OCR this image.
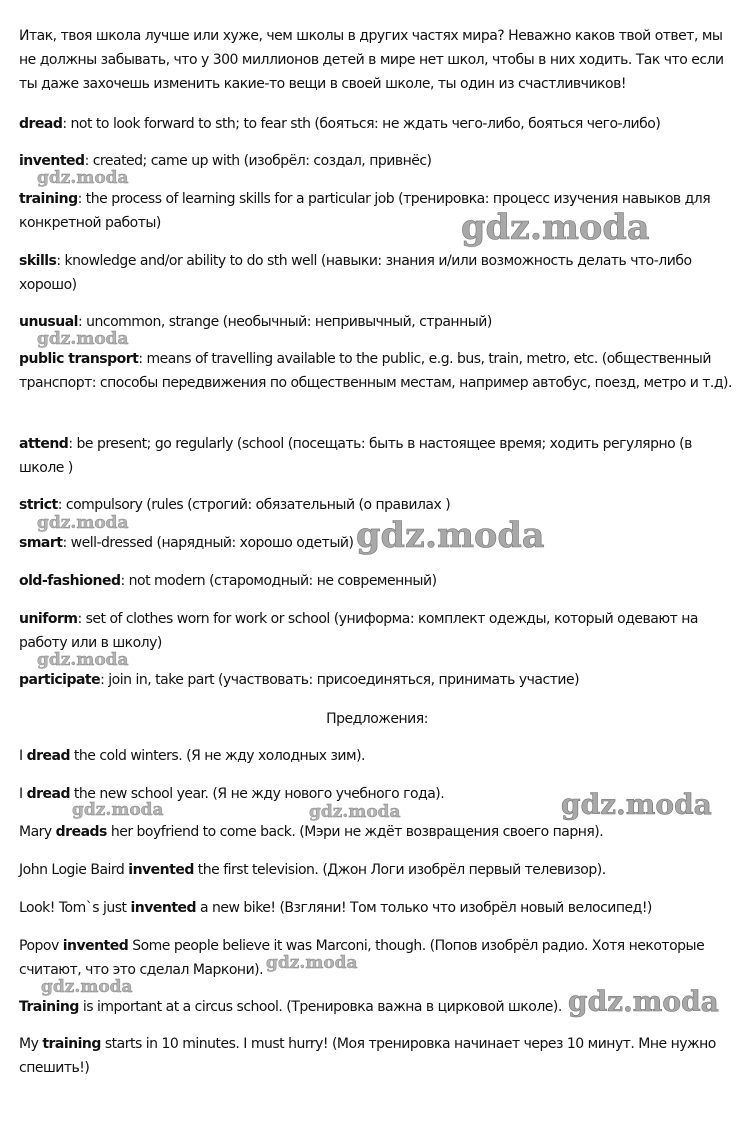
Итак, твоя школа лучше или хуже, чем школы в других частях мира? Неважно каков твой ответ, мы не должны забывать, что у 300 миллионов детей в мире нет школ, чтобы в них ходить. Так что если ты даже захочешь изменить какие-то вещи в своей школе, ты один из счастливчиков!

dread: not to look forward to sth; to fear sth (бояться: не ждать чего-либо, бояться чего-либо)

invented: created; came up with (изобрёл: создал, привнёс)

training: the process of learning skills for a particular job (тренировка: процесс изучения навыков для конкретной работы)

skills: knowledge and/or ability to do sth well (навыки: знания и/или возможность делать что-либо хорошо)

unusual: uncommon, strange (необычный: непривычный, странный)

public transport: means of travelling available to the public, e.g. bus, train, metro, etc. (общественный транспорт: способы передвижения по общественным местам, например автобус, поезд, метро и т.д).

attend: be present; go regularly (school (посещать: быть в настоящее время; ходить регулярно (в школе )

strict: compulsory (rules (строгий: обязательный (о правилах )

smart: well-dressed (нарядный: хорошо одетый)

old-fashioned: not modern (старомодный: не современный)

uniform: set of clothes worn for work or school (униформа: комплект одежды, который одевают на работу или в школу)

participate: join in, take part (участвовать: присоединяться, принимать участие)

Предложения:

I dread the cold winters. (Я не жду холодных зим).

I dread the new school year. (Я не жду нового учебного года).

Mary dreads her boyfriend to come back. (Мэри не ждёт возвращения своего парня).

John Logie Baird invented the first television. (Джон Логи изобрёл первый телевизор).

Look! Tom`s just invented a new bike! (Взгляни! Том только что изобрёл новый велосипед!)

Popov invented Some people believe it was Marconi, though. (Попов изобрёл радио. Хотя некоторые считают, что это сделал Маркони).

Training is important at a circus school. (Тренировка важна в цирковой школе).

My training starts in 10 minutes. I must hurry! (Моя тренировка начинает через 10 минут. Мне нужно спешить!)

gdz.moda
gdz.moda
gdz.moda
gdz.moda	gdz.moda
gdz.moda
gdz.moda	gdz.moda	gdz.moda
gdz.moda
gdz.moda	gdz.moda
